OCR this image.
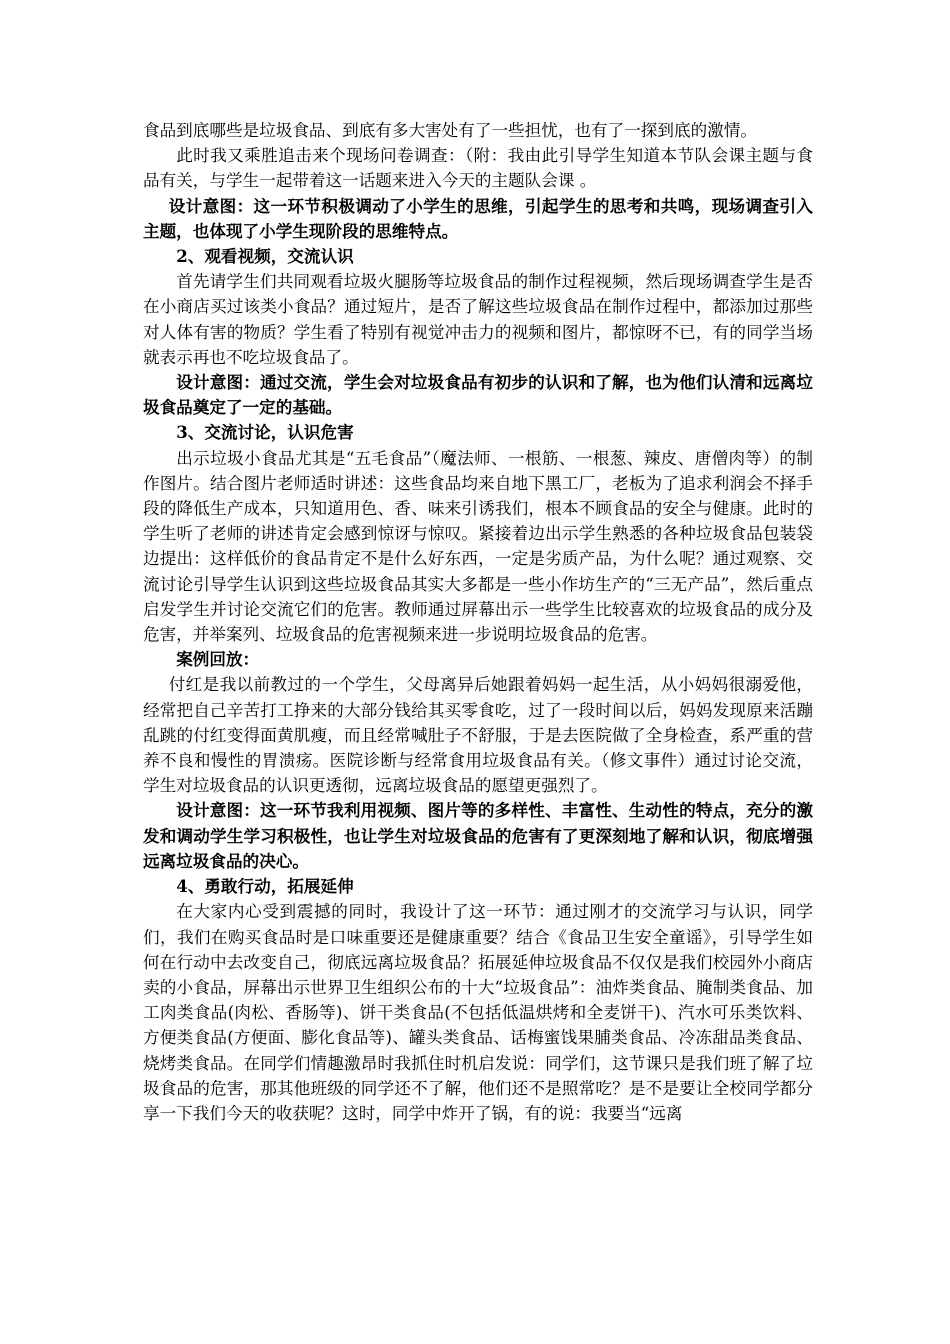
食品到底哪些是垃圾食品、到底有多大害处有了一些担忧，也有了一探到底的激情。

此时我又乘胜追击来个现场问卷调查：（附：我由此引导学生知道本节队会课主题与食品有关，与学生一起带着这一话题来进入今天的主题队会课 。

设计意图：这一环节积极调动了小学生的思维，引起学生的思考和共鸣，现场调查引入主题，也体现了小学生现阶段的思维特点。

2、观看视频，交流认识

首先请学生们共同观看垃圾火腿肠等垃圾食品的制作过程视频，然后现场调查学生是否在小商店买过该类小食品？通过短片，是否了解这些垃圾食品在制作过程中，都添加过那些对人体有害的物质？学生看了特别有视觉冲击力的视频和图片，都惊呀不已，有的同学当场就表示再也不吃垃圾食品了。

设计意图：通过交流，学生会对垃圾食品有初步的认识和了解，也为他们认清和远离垃圾食品奠定了一定的基础。

3、交流讨论，认识危害

出示垃圾小食品尤其是“五毛食品”（魔法师、一根筋、一根葱、辣皮、唐僧肉等）的制作图片。结合图片老师适时讲述：这些食品均来自地下黑工厂，老板为了追求利润会不择手段的降低生产成本，只知道用色、香、味来引诱我们，根本不顾食品的安全与健康。此时的学生听了老师的讲述肯定会感到惊讶与惊叹。紧接着边出示学生熟悉的各种垃圾食品包装袋边提出：这样低价的食品肯定不是什么好东西，一定是劣质产品，为什么呢？通过观察、交流讨论引导学生认识到这些垃圾食品其实大多都是一些小作坊生产的“三无产品”，然后重点启发学生并讨论交流它们的危害。教师通过屏幕出示一些学生比较喜欢的垃圾食品的成分及危害，并举案列、垃圾食品的危害视频来进一步说明垃圾食品的危害。

案例回放：

付红是我以前教过的一个学生，父母离异后她跟着妈妈一起生活，从小妈妈很溺爱他，经常把自己辛苦打工挣来的大部分钱给其买零食吃，过了一段时间以后，妈妈发现原来活蹦乱跳的付红变得面黄肌瘦，而且经常喊肚子不舒服，于是去医院做了全身检查，系严重的营养不良和慢性的胃溃疡。医院诊断与经常食用垃圾食品有关。（修文事件）通过讨论交流，学生对垃圾食品的认识更透彻，远离垃圾食品的愿望更强烈了。

设计意图：这一环节我利用视频、图片等的多样性、丰富性、生动性的特点，充分的激发和调动学生学习积极性，也让学生对垃圾食品的危害有了更深刻地了解和认识，彻底增强远离垃圾食品的决心。

4、勇敢行动，拓展延伸

在大家内心受到震撼的同时，我设计了这一环节：通过刚才的交流学习与认识，同学们，我们在购买食品时是口味重要还是健康重要？结合《食品卫生安全童谣》，引导学生如何在行动中去改变自己，彻底远离垃圾食品？拓展延伸垃圾食品不仅仅是我们校园外小商店卖的小食品，屏幕出示世界卫生组织公布的十大“垃圾食品”：油炸类食品、腌制类食品、加工肉类食品(肉松、香肠等)、饼干类食品(不包括低温烘烤和全麦饼干)、汽水可乐类饮料、方便类食品(方便面、膨化食品等)、罐头类食品、话梅蜜饯果脯类食品、冷冻甜品类食品、烧烤类食品。在同学们情趣激昂时我抓住时机启发说：同学们，这节课只是我们班了解了垃圾食品的危害，那其他班级的同学还不了解，他们还不是照常吃？是不是要让全校同学都分享一下我们今天的收获呢？这时，同学中炸开了锅，有的说：我要当“远离
